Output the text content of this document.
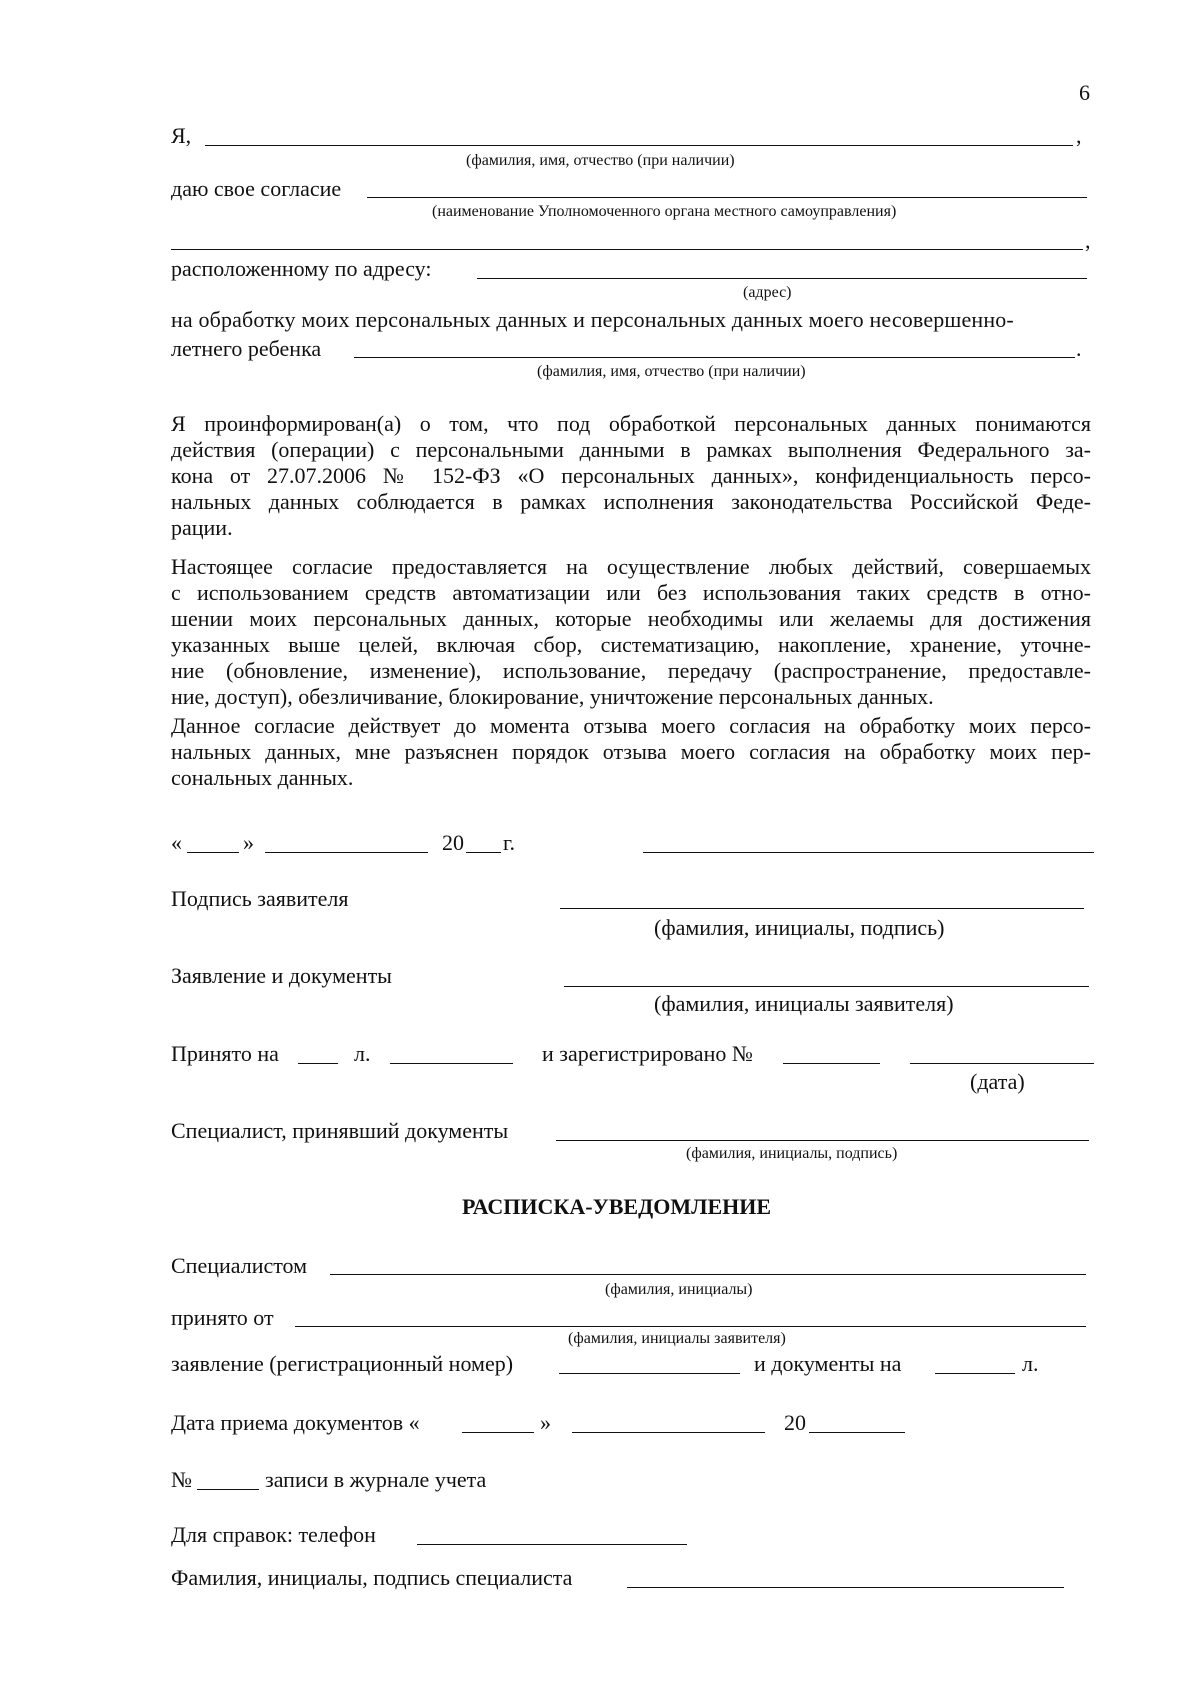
6
Я,	,
(фамилия, имя, отчество (при наличии)
даю свое согласие
(наименование Уполномоченного органа местного самоуправления)
,
расположенному по адресу:
(адрес)
на обработку моих персональных данных и персональных данных моего несовершенно-
летнего ребенка	.
(фамилия, имя, отчество (при наличии)
Я проинформирован(а) о том, что под обработкой персональных данных понимаются
действия (операции) с персональными данными в рамках выполнения Федерального за-
кона от 27.07.2006 № 152-ФЗ «О персональных данных», конфиденциальность персо-
нальных данных соблюдается в рамках исполнения законодательства Российской Феде-
рации.
Настоящее согласие предоставляется на осуществление любых действий, совершаемых
с использованием средств автоматизации или без использования таких средств в отно-
шении моих персональных данных, которые необходимы или желаемы для достижения
указанных выше целей, включая сбор, систематизацию, накопление, хранение, уточне-
ние (обновление, изменение), использование, передачу (распространение, предоставле-
ние, доступ), обезличивание, блокирование, уничтожение персональных данных.
Данное согласие действует до момента отзыва моего согласия на обработку моих персо-
нальных данных, мне разъяснен порядок отзыва моего согласия на обработку моих пер-
сональных данных.
«	»	20 г.
Подпись заявителя
(фамилия, инициалы, подпись)
Заявление и документы
(фамилия, инициалы заявителя)
Принято на	л.	и зарегистрировано №
(дата)
Специалист, принявший документы
(фамилия, инициалы, подпись)
РАСПИСКА-УВЕДОМЛЕНИЕ
Специалистом
(фамилия, инициалы)
принято от
(фамилия, инициалы заявителя)
заявление (регистрационный номер)	и документы на	л.
Дата приема документов «	»	20
№	записи в журнале учета
Для справок: телефон
Фамилия, инициалы, подпись специалиста
